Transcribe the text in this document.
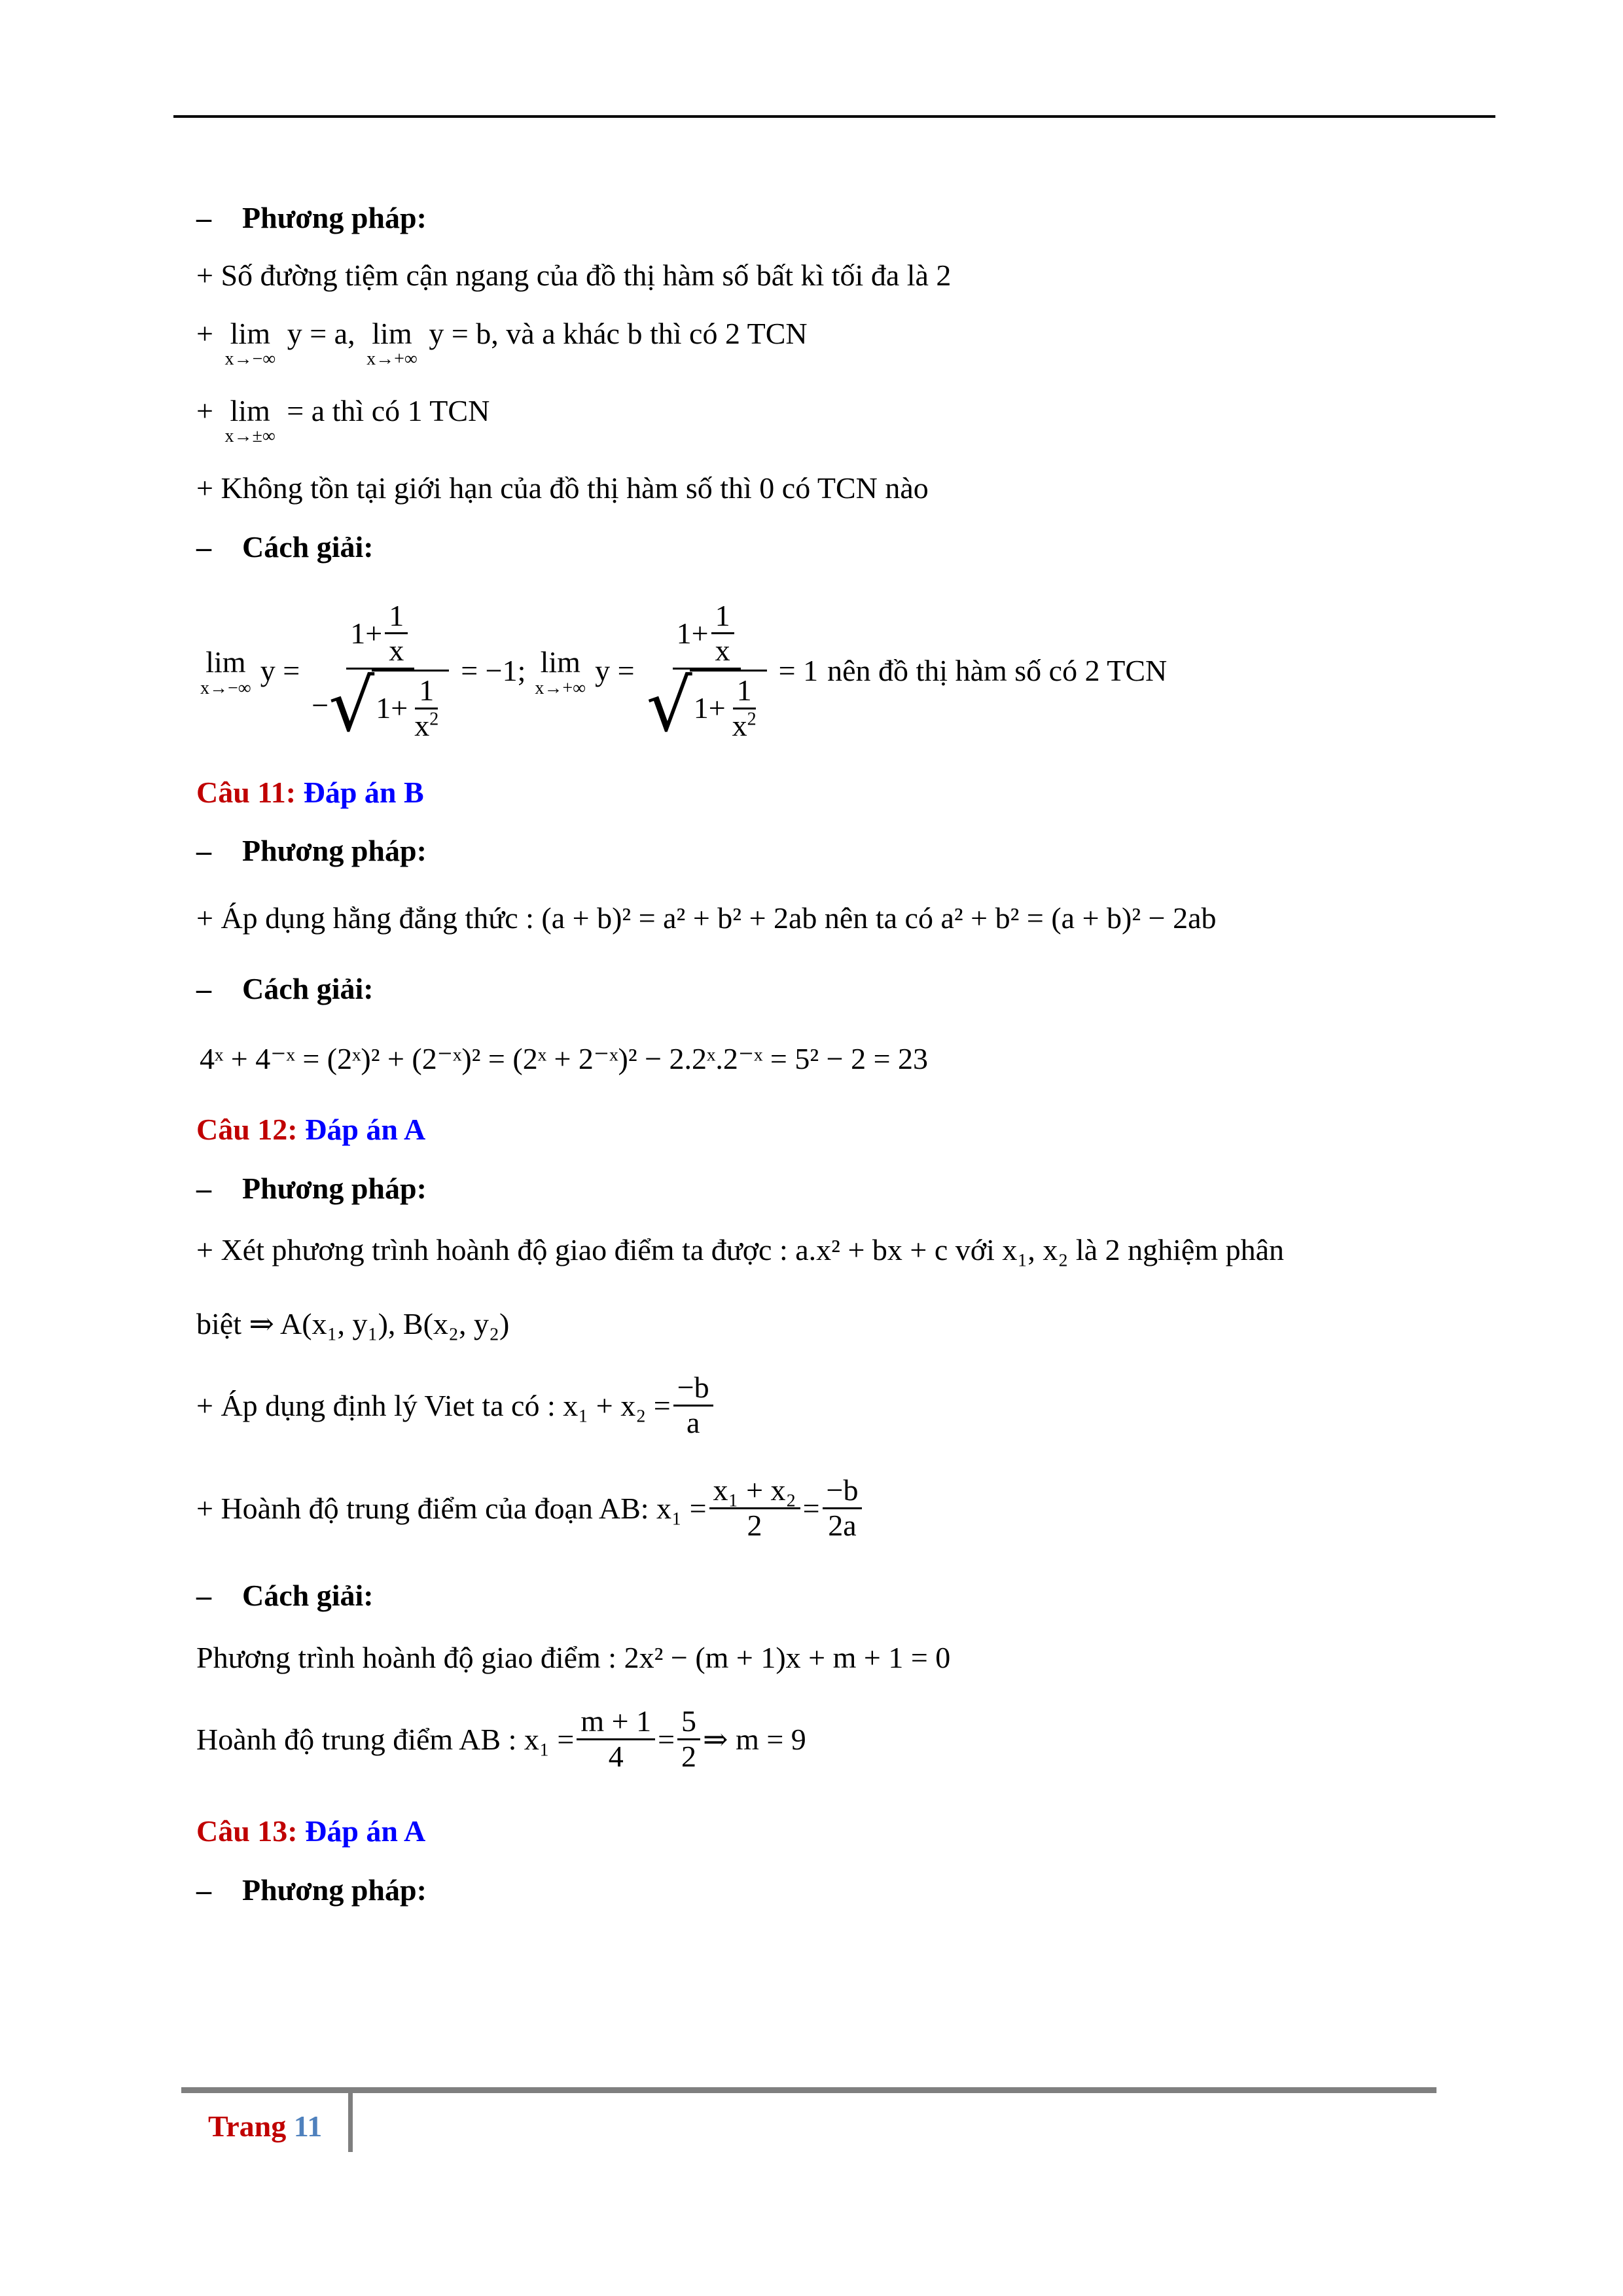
– Phương pháp:
+ Số đường tiệm cận ngang của đồ thị hàm số bất kì tối đa là 2
+ lim
x→−∞
y = a, lim
x→+∞
y = b, và a khác b thì có 2 TCN
+ lim
x→±∞
= a thì có 1 TCN
+ Không tồn tại giới hạn của đồ thị hàm số thì 0 có TCN nào
– Cách giải:
lim
x→−∞
$y = \frac{1+ \frac{1}{x}}{- √ 1+ \frac{1}{x^2}} = -1$; lim
x→+∞
$y = \frac{1+ \frac{1}{x}}{√ 1+ \frac{1}{x^2}} = 1$ nên đồ thị hàm số có 2 TCN
Câu 11: Đáp án B
– Phương pháp:
+ Áp dụng hằng đẳng thức : (a + b)² = a² + b² + 2ab nên ta có a² + b² = (a + b)² − 2ab
– Cách giải:
4ˣ + 4⁻ˣ = (2ˣ)² + (2⁻ˣ)² = (2ˣ + 2⁻ˣ)² − 2.2ˣ.2⁻ˣ = 5² − 2 = 23
Câu 12: Đáp án A
– Phương pháp:
+ Xét phương trình hoành độ giao điểm ta được : a.x² + bx + c với x₁, x₂ là 2 nghiệm phân
biệt ⇒ A(x₁, y₁), B(x₂, y₂)
+ Áp dụng định lý Viet ta có : $x_1 + x_2 = \frac{-b}{a}$
+ Hoành độ trung điểm của đoạn AB: $x_1 = \frac{\text{x₁ + x₂}}{2} = \frac{-b}{2a}$
– Cách giải:
Phương trình hoành độ giao điểm : 2x² − (m + 1)x + m + 1 = 0
Hoành độ trung điểm AB : $x_1 = \frac{m + 1}{4} = \frac{5}{2}$ ⇒ m = 9
Câu 13: Đáp án A
– Phương pháp:
Trang 11
